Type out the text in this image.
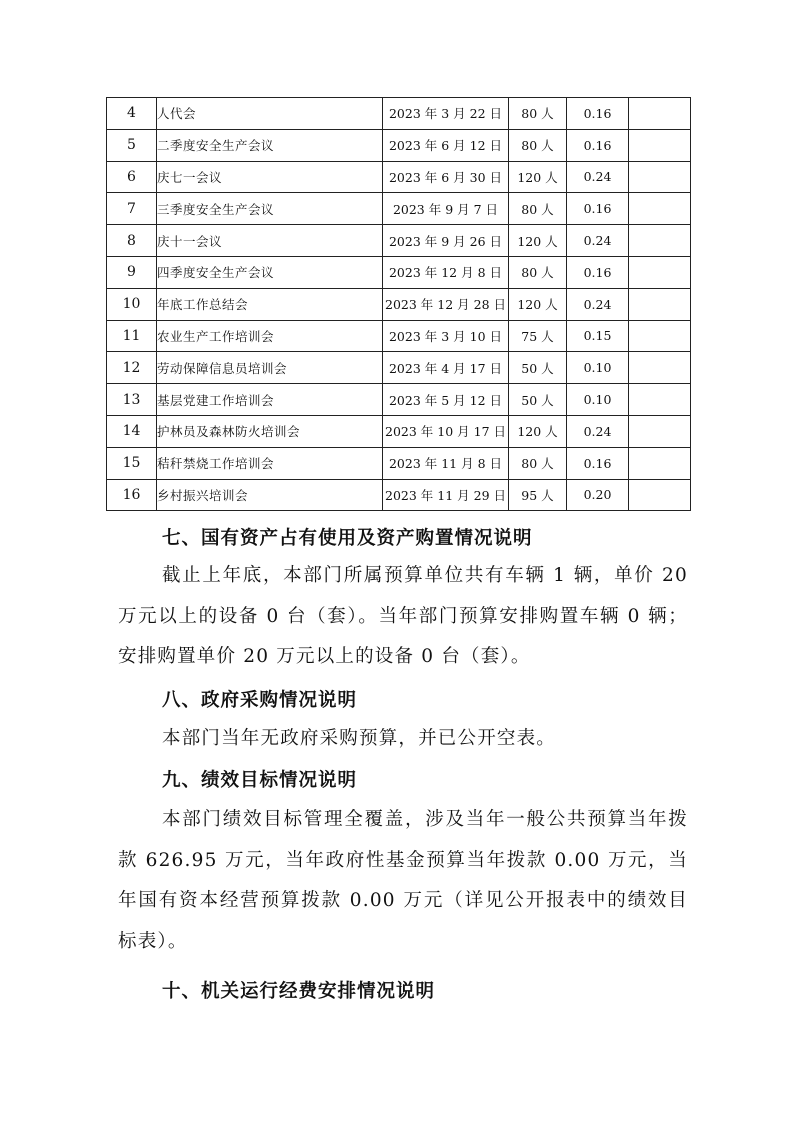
4	人代会	2023 年 3 月 22 日	80 人	0.16	
5	二季度安全生产会议	2023 年 6 月 12 日	80 人	0.16	
6	庆七一会议	2023 年 6 月 30 日	120 人	0.24	
7	三季度安全生产会议	2023 年 9 月 7 日	80 人	0.16	
8	庆十一会议	2023 年 9 月 26 日	120 人	0.24	
9	四季度安全生产会议	2023 年 12 月 8 日	80 人	0.16	
10	年底工作总结会	2023 年 12 月 28 日	120 人	0.24	
11	农业生产工作培训会	2023 年 3 月 10 日	75 人	0.15	
12	劳动保障信息员培训会	2023 年 4 月 17 日	50 人	0.10	
13	基层党建工作培训会	2023 年 5 月 12 日	50 人	0.10	
14	护林员及森林防火培训会	2023 年 10 月 17 日	120 人	0.24	
15	秸秆禁烧工作培训会	2023 年 11 月 8 日	80 人	0.16	
16	乡村振兴培训会	2023 年 11 月 29 日	95 人	0.20	
七、国有资产占有使用及资产购置情况说明
截止上年底，本部门所属预算单位共有车辆 1 辆，单价 20 万元以上的设备 0 台（套）。当年部门预算安排购置车辆 0 辆；安排购置单价 20 万元以上的设备 0 台（套）。
八、政府采购情况说明
本部门当年无政府采购预算，并已公开空表。
九、绩效目标情况说明
本部门绩效目标管理全覆盖，涉及当年一般公共预算当年拨款 626.95 万元，当年政府性基金预算当年拨款 0.00 万元，当年国有资本经营预算拨款 0.00 万元（详见公开报表中的绩效目标表）。
十、机关运行经费安排情况说明
